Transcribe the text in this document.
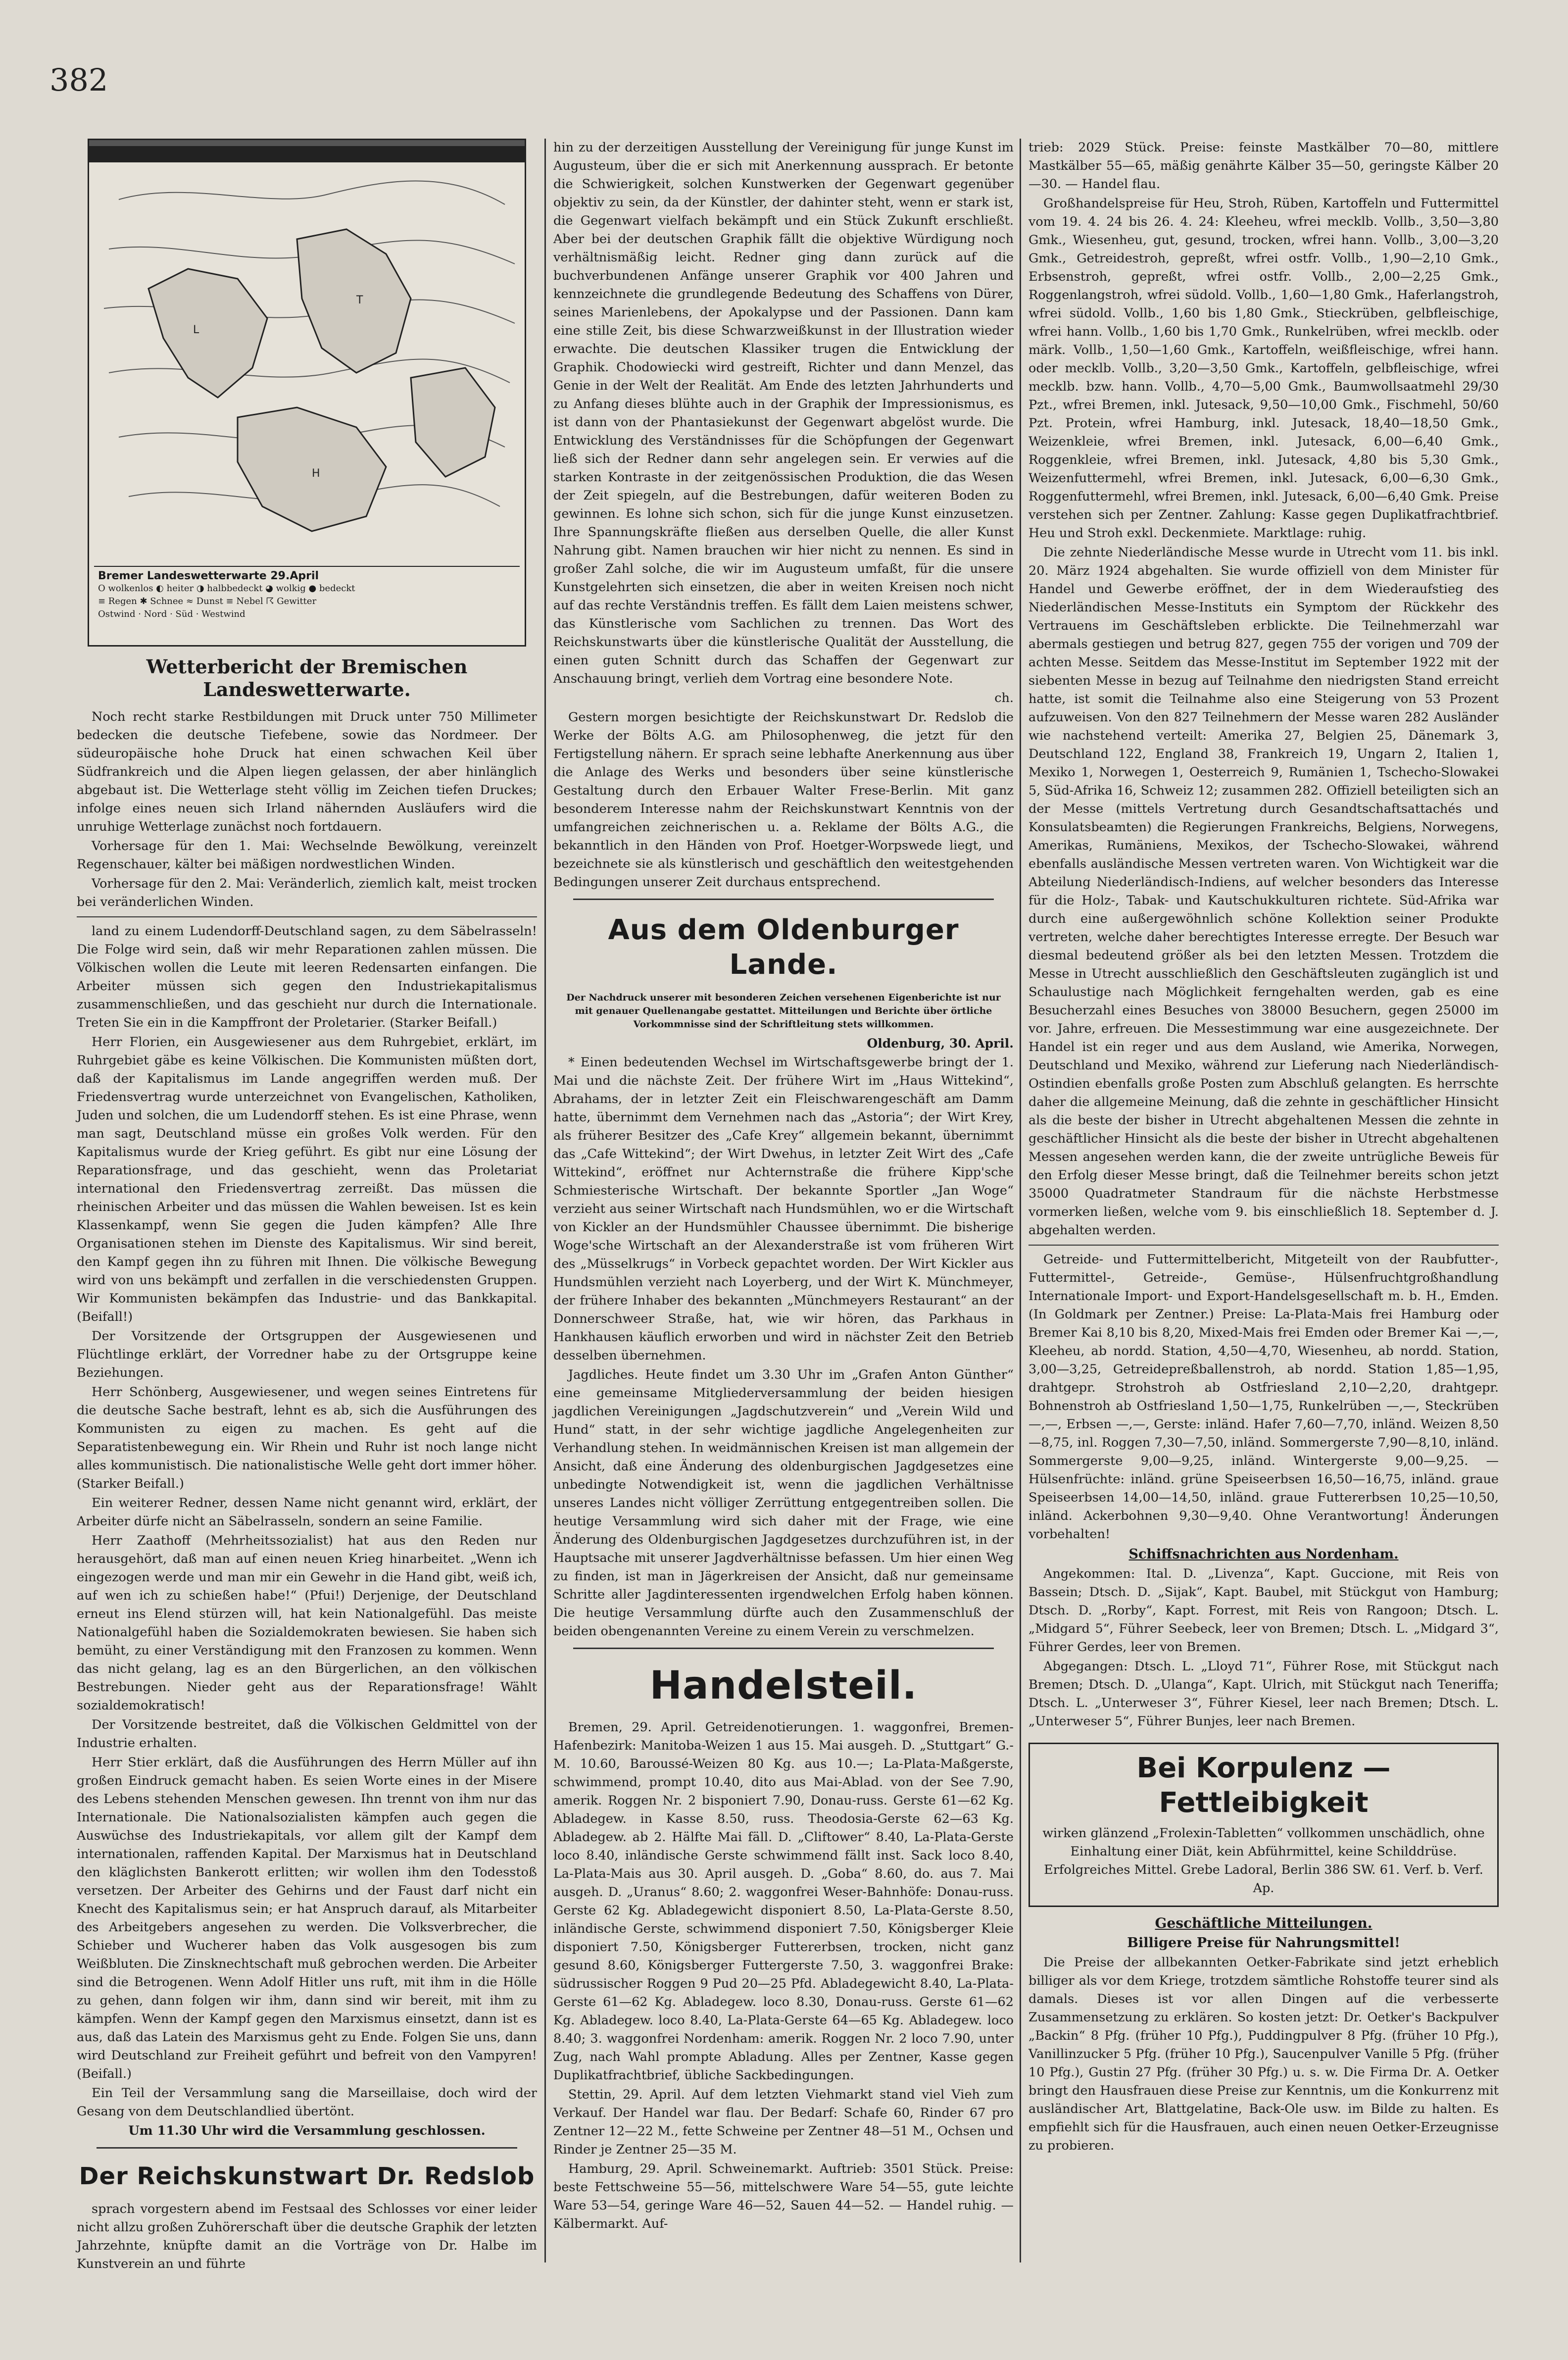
382
L
T
H
Bremer Landeswetterwarte 29.April
O wolkenlos ◐ heiter ◑ halbbedeckt ◕ wolkig ● bedeckt
≡ Regen ✱ Schnee ≈ Dunst ≡ Nebel ☈ Gewitter
Ostwind · Nord · Süd · Westwind
Wetterbericht der Bremischen Landeswetterwarte.

Noch recht starke Restbildungen mit Druck unter 750 Millimeter bedecken die deutsche Tiefebene, sowie das Nordmeer. Der südeuropäische hohe Druck hat einen schwachen Keil über Südfrankreich und die Alpen liegen gelassen, der aber hinlänglich abgebaut ist. Die Wetterlage steht völlig im Zeichen tiefen Druckes; infolge eines neuen sich Irland nähernden Ausläufers wird die unruhige Wetterlage zunächst noch fortdauern.

Vorhersage für den 1. Mai: Wechselnde Bewölkung, vereinzelt Regenschauer, kälter bei mäßigen nordwestlichen Winden.

Vorhersage für den 2. Mai: Veränderlich, ziemlich kalt, meist trocken bei veränderlichen Winden.

land zu einem Ludendorff-Deutschland sagen, zu dem Säbelrasseln! Die Folge wird sein, daß wir mehr Reparationen zahlen müssen. Die Völkischen wollen die Leute mit leeren Redensarten einfangen. Die Arbeiter müssen sich gegen den Industriekapitalismus zusammenschließen, und das geschieht nur durch die Internationale. Treten Sie ein in die Kampffront der Proletarier. (Starker Beifall.)

Herr Florien, ein Ausgewiesener aus dem Ruhrgebiet, erklärt, im Ruhrgebiet gäbe es keine Völkischen. Die Kommunisten müßten dort, daß der Kapitalismus im Lande angegriffen werden muß. Der Friedensvertrag wurde unterzeichnet von Evangelischen, Katholiken, Juden und solchen, die um Ludendorff stehen. Es ist eine Phrase, wenn man sagt, Deutschland müsse ein großes Volk werden. Für den Kapitalismus wurde der Krieg geführt. Es gibt nur eine Lösung der Reparationsfrage, und das geschieht, wenn das Proletariat international den Friedensvertrag zerreißt. Das müssen die rheinischen Arbeiter und das müssen die Wahlen beweisen. Ist es kein Klassenkampf, wenn Sie gegen die Juden kämpfen? Alle Ihre Organisationen stehen im Dienste des Kapitalismus. Wir sind bereit, den Kampf gegen ihn zu führen mit Ihnen. Die völkische Bewegung wird von uns bekämpft und zerfallen in die verschiedensten Gruppen. Wir Kommunisten bekämpfen das Industrie- und das Bankkapital. (Beifall!)

Der Vorsitzende der Ortsgruppen der Ausgewiesenen und Flüchtlinge erklärt, der Vorredner habe zu der Ortsgruppe keine Beziehungen.

Herr Schönberg, Ausgewiesener, und wegen seines Eintretens für die deutsche Sache bestraft, lehnt es ab, sich die Ausführungen des Kommunisten zu eigen zu machen. Es geht auf die Separatistenbewegung ein. Wir Rhein und Ruhr ist noch lange nicht alles kommunistisch. Die nationalistische Welle geht dort immer höher. (Starker Beifall.)

Ein weiterer Redner, dessen Name nicht genannt wird, erklärt, der Arbeiter dürfe nicht an Säbelrasseln, sondern an seine Familie.

Herr Zaathoff (Mehrheitssozialist) hat aus den Reden nur herausgehört, daß man auf einen neuen Krieg hinarbeitet. „Wenn ich eingezogen werde und man mir ein Gewehr in die Hand gibt, weiß ich, auf wen ich zu schießen habe!“ (Pfui!) Derjenige, der Deutschland erneut ins Elend stürzen will, hat kein Nationalgefühl. Das meiste Nationalgefühl haben die Sozialdemokraten bewiesen. Sie haben sich bemüht, zu einer Verständigung mit den Franzosen zu kommen. Wenn das nicht gelang, lag es an den Bürgerlichen, an den völkischen Bestrebungen. Nieder geht aus der Reparationsfrage! Wählt sozialdemokratisch!

Der Vorsitzende bestreitet, daß die Völkischen Geldmittel von der Industrie erhalten.

Herr Stier erklärt, daß die Ausführungen des Herrn Müller auf ihn großen Eindruck gemacht haben. Es seien Worte eines in der Misere des Lebens stehenden Menschen gewesen. Ihn trennt von ihm nur das Internationale. Die Nationalsozialisten kämpfen auch gegen die Auswüchse des Industriekapitals, vor allem gilt der Kampf dem internationalen, raffenden Kapital. Der Marxismus hat in Deutschland den kläglichsten Bankerott erlitten; wir wollen ihm den Todesstoß versetzen. Der Arbeiter des Gehirns und der Faust darf nicht ein Knecht des Kapitalismus sein; er hat Anspruch darauf, als Mitarbeiter des Arbeitgebers angesehen zu werden. Die Volksverbrecher, die Schieber und Wucherer haben das Volk ausgesogen bis zum Weißbluten. Die Zinsknechtschaft muß gebrochen werden. Die Arbeiter sind die Betrogenen. Wenn Adolf Hitler uns ruft, mit ihm in die Hölle zu gehen, dann folgen wir ihm, dann sind wir bereit, mit ihm zu kämpfen. Wenn der Kampf gegen den Marxismus einsetzt, dann ist es aus, daß das Latein des Marxismus geht zu Ende. Folgen Sie uns, dann wird Deutschland zur Freiheit geführt und befreit von den Vampyren! (Beifall.)

Ein Teil der Versammlung sang die Marseillaise, doch wird der Gesang von dem Deutschlandlied übertönt.

Um 11.30 Uhr wird die Versammlung geschlossen.

Der Reichskunstwart Dr. Redslob

sprach vorgestern abend im Festsaal des Schlosses vor einer leider nicht allzu großen Zuhörerschaft über die deutsche Graphik der letzten Jahrzehnte, knüpfte damit an die Vorträge von Dr. Halbe im Kunstverein an und führte

hin zu der derzeitigen Ausstellung der Vereinigung für junge Kunst im Augusteum, über die er sich mit Anerkennung aussprach. Er betonte die Schwierigkeit, solchen Kunstwerken der Gegenwart gegenüber objektiv zu sein, da der Künstler, der dahinter steht, wenn er stark ist, die Gegenwart vielfach bekämpft und ein Stück Zukunft erschließt. Aber bei der deutschen Graphik fällt die objektive Würdigung noch verhältnismäßig leicht. Redner ging dann zurück auf die buchverbundenen Anfänge unserer Graphik vor 400 Jahren und kennzeichnete die grundlegende Bedeutung des Schaffens von Dürer, seines Marienlebens, der Apokalypse und der Passionen. Dann kam eine stille Zeit, bis diese Schwarzweißkunst in der Illustration wieder erwachte. Die deutschen Klassiker trugen die Entwicklung der Graphik. Chodowiecki wird gestreift, Richter und dann Menzel, das Genie in der Welt der Realität. Am Ende des letzten Jahrhunderts und zu Anfang dieses blühte auch in der Graphik der Impressionismus, es ist dann von der Phantasiekunst der Gegenwart abgelöst wurde. Die Entwicklung des Verständnisses für die Schöpfungen der Gegenwart ließ sich der Redner dann sehr angelegen sein. Er verwies auf die starken Kontraste in der zeitgenössischen Produktion, die das Wesen der Zeit spiegeln, auf die Bestrebungen, dafür weiteren Boden zu gewinnen. Es lohne sich schon, sich für die junge Kunst einzusetzen. Ihre Spannungskräfte fließen aus derselben Quelle, die aller Kunst Nahrung gibt. Namen brauchen wir hier nicht zu nennen. Es sind in großer Zahl solche, die wir im Augusteum umfaßt, für die unsere Kunstgelehrten sich einsetzen, die aber in weiten Kreisen noch nicht auf das rechte Verständnis treffen. Es fällt dem Laien meistens schwer, das Künstlerische vom Sachlichen zu trennen. Das Wort des Reichskunstwarts über die künstlerische Qualität der Ausstellung, die einen guten Schnitt durch das Schaffen der Gegenwart zur Anschauung bringt, verlieh dem Vortrag eine besondere Note.

ch.

Gestern morgen besichtigte der Reichskunstwart Dr. Redslob die Werke der Bölts A.G. am Philosophenweg, die jetzt für den Fertigstellung nähern. Er sprach seine lebhafte Anerkennung aus über die Anlage des Werks und besonders über seine künstlerische Gestaltung durch den Erbauer Walter Frese-Berlin. Mit ganz besonderem Interesse nahm der Reichskunstwart Kenntnis von der umfangreichen zeichnerischen u. a. Reklame der Bölts A.G., die bekanntlich in den Händen von Prof. Hoetger-Worpswede liegt, und bezeichnete sie als künstlerisch und geschäftlich den weitestgehenden Bedingungen unserer Zeit durchaus entsprechend.

Aus dem Oldenburger Lande.
Der Nachdruck unserer mit besonderen Zeichen versehenen Eigenberichte ist nur mit genauer Quellenangabe gestattet. Mitteilungen und Berichte über örtliche Vorkommnisse sind der Schriftleitung stets willkommen.
Oldenburg, 30. April.

* Einen bedeutenden Wechsel im Wirtschaftsgewerbe bringt der 1. Mai und die nächste Zeit. Der frühere Wirt im „Haus Wittekind“, Abrahams, der in letzter Zeit ein Fleischwarengeschäft am Damm hatte, übernimmt dem Vernehmen nach das „Astoria“; der Wirt Krey, als früherer Besitzer des „Cafe Krey“ allgemein bekannt, übernimmt das „Cafe Wittekind“; der Wirt Dwehus, in letzter Zeit Wirt des „Cafe Wittekind“, eröffnet nur Achternstraße die frühere Kipp'sche Schmiesterische Wirtschaft. Der bekannte Sportler „Jan Woge“ verzieht aus seiner Wirtschaft nach Hundsmühlen, wo er die Wirtschaft von Kickler an der Hundsmühler Chaussee übernimmt. Die bisherige Woge'sche Wirtschaft an der Alexanderstraße ist vom früheren Wirt des „Müsselkrugs“ in Vorbeck gepachtet worden. Der Wirt Kickler aus Hundsmühlen verzieht nach Loyerberg, und der Wirt K. Münchmeyer, der frühere Inhaber des bekannten „Münchmeyers Restaurant“ an der Donnerschweer Straße, hat, wie wir hören, das Parkhaus in Hankhausen käuflich erworben und wird in nächster Zeit den Betrieb desselben übernehmen.

Jagdliches. Heute findet um 3.30 Uhr im „Grafen Anton Günther“ eine gemeinsame Mitgliederversammlung der beiden hiesigen jagdlichen Vereinigungen „Jagdschutzverein“ und „Verein Wild und Hund“ statt, in der sehr wichtige jagdliche Angelegenheiten zur Verhandlung stehen. In weidmännischen Kreisen ist man allgemein der Ansicht, daß eine Änderung des oldenburgischen Jagdgesetzes eine unbedingte Notwendigkeit ist, wenn die jagdlichen Verhältnisse unseres Landes nicht völliger Zerrüttung entgegentreiben sollen. Die heutige Versammlung wird sich daher mit der Frage, wie eine Änderung des Oldenburgischen Jagdgesetzes durchzuführen ist, in der Hauptsache mit unserer Jagdverhältnisse befassen. Um hier einen Weg zu finden, ist man in Jägerkreisen der Ansicht, daß nur gemeinsame Schritte aller Jagdinteressenten irgendwelchen Erfolg haben können. Die heutige Versammlung dürfte auch den Zusammenschluß der beiden obengenannten Vereine zu einem Verein zu verschmelzen.

Handelsteil.

Bremen, 29. April. Getreidenotierungen. 1. waggonfrei, Bremen-Hafenbezirk: Manitoba-Weizen 1 aus 15. Mai ausgeh. D. „Stuttgart“ G.-M. 10.60, Baroussé-Weizen 80 Kg. aus 10.—; La-Plata-Maßgerste, schwimmend, prompt 10.40, dito aus Mai-Ablad. von der See 7.90, amerik. Roggen Nr. 2 bisponiert 7.90, Donau-russ. Gerste 61—62 Kg. Abladegew. in Kasse 8.50, russ. Theodosia-Gerste 62—63 Kg. Abladegew. ab 2. Hälfte Mai fäll. D. „Cliftower“ 8.40, La-Plata-Gerste loco 8.40, inländische Gerste schwimmend fällt inst. Sack loco 8.40, La-Plata-Mais aus 30. April ausgeh. D. „Goba“ 8.60, do. aus 7. Mai ausgeh. D. „Uranus“ 8.60; 2. waggonfrei Weser-Bahnhöfe: Donau-russ. Gerste 62 Kg. Abladegewicht disponiert 8.50, La-Plata-Gerste 8.50, inländische Gerste, schwimmend disponiert 7.50, Königsberger Kleie disponiert 7.50, Königsberger Futtererbsen, trocken, nicht ganz gesund 8.60, Königsberger Futtergerste 7.50, 3. waggonfrei Brake: südrussischer Roggen 9 Pud 20—25 Pfd. Abladegewicht 8.40, La-Plata-Gerste 61—62 Kg. Abladegew. loco 8.30, Donau-russ. Gerste 61—62 Kg. Abladegew. loco 8.40, La-Plata-Gerste 64—65 Kg. Abladegew. loco 8.40; 3. waggonfrei Nordenham: amerik. Roggen Nr. 2 loco 7.90, unter Zug, nach Wahl prompte Abladung. Alles per Zentner, Kasse gegen Duplikatfrachtbrief, übliche Sackbedingungen.

Stettin, 29. April. Auf dem letzten Viehmarkt stand viel Vieh zum Verkauf. Der Handel war flau. Der Bedarf: Schafe 60, Rinder 67 pro Zentner 12—22 M., fette Schweine per Zentner 48—51 M., Ochsen und Rinder je Zentner 25—35 M.

Hamburg, 29. April. Schweinemarkt. Auftrieb: 3501 Stück. Preise: beste Fettschweine 55—56, mittelschwere Ware 54—55, gute leichte Ware 53—54, geringe Ware 46—52, Sauen 44—52. — Handel ruhig. — Kälbermarkt. Auf-

trieb: 2029 Stück. Preise: feinste Mastkälber 70—80, mittlere Mastkälber 55—65, mäßig genährte Kälber 35—50, geringste Kälber 20—30. — Handel flau.

Großhandelspreise für Heu, Stroh, Rüben, Kartoffeln und Futtermittel vom 19. 4. 24 bis 26. 4. 24: Kleeheu, wfrei mecklb. Vollb., 3,50—3,80 Gmk., Wiesenheu, gut, gesund, trocken, wfrei hann. Vollb., 3,00—3,20 Gmk., Getreidestroh, gepreßt, wfrei ostfr. Vollb., 1,90—2,10 Gmk., Erbsenstroh, gepreßt, wfrei ostfr. Vollb., 2,00—2,25 Gmk., Roggenlangstroh, wfrei südold. Vollb., 1,60—1,80 Gmk., Haferlangstroh, wfrei südold. Vollb., 1,60 bis 1,80 Gmk., Stieckrüben, gelbfleischige, wfrei hann. Vollb., 1,60 bis 1,70 Gmk., Runkelrüben, wfrei mecklb. oder märk. Vollb., 1,50—1,60 Gmk., Kartoffeln, weißfleischige, wfrei hann. oder mecklb. Vollb., 3,20—3,50 Gmk., Kartoffeln, gelbfleischige, wfrei mecklb. bzw. hann. Vollb., 4,70—5,00 Gmk., Baumwollsaatmehl 29/30 Pzt., wfrei Bremen, inkl. Jutesack, 9,50—10,00 Gmk., Fischmehl, 50/60 Pzt. Protein, wfrei Hamburg, inkl. Jutesack, 18,40—18,50 Gmk., Weizenkleie, wfrei Bremen, inkl. Jutesack, 6,00—6,40 Gmk., Roggenkleie, wfrei Bremen, inkl. Jutesack, 4,80 bis 5,30 Gmk., Weizenfuttermehl, wfrei Bremen, inkl. Jutesack, 6,00—6,30 Gmk., Roggenfuttermehl, wfrei Bremen, inkl. Jutesack, 6,00—6,40 Gmk. Preise verstehen sich per Zentner. Zahlung: Kasse gegen Duplikatfrachtbrief. Heu und Stroh exkl. Deckenmiete. Marktlage: ruhig.

Die zehnte Niederländische Messe wurde in Utrecht vom 11. bis inkl. 20. März 1924 abgehalten. Sie wurde offiziell von dem Minister für Handel und Gewerbe eröffnet, der in dem Wiederaufstieg des Niederländischen Messe-Instituts ein Symptom der Rückkehr des Vertrauens im Geschäftsleben erblickte. Die Teilnehmerzahl war abermals gestiegen und betrug 827, gegen 755 der vorigen und 709 der achten Messe. Seitdem das Messe-Institut im September 1922 mit der siebenten Messe in bezug auf Teilnahme den niedrigsten Stand erreicht hatte, ist somit die Teilnahme also eine Steigerung von 53 Prozent aufzuweisen. Von den 827 Teilnehmern der Messe waren 282 Ausländer wie nachstehend verteilt: Amerika 27, Belgien 25, Dänemark 3, Deutschland 122, England 38, Frankreich 19, Ungarn 2, Italien 1, Mexiko 1, Norwegen 1, Oesterreich 9, Rumänien 1, Tschecho-Slowakei 5, Süd-Afrika 16, Schweiz 12; zusammen 282. Offiziell beteiligten sich an der Messe (mittels Vertretung durch Gesandtschaftsattachés und Konsulatsbeamten) die Regierungen Frankreichs, Belgiens, Norwegens, Amerikas, Rumäniens, Mexikos, der Tschecho-Slowakei, während ebenfalls ausländische Messen vertreten waren. Von Wichtigkeit war die Abteilung Niederländisch-Indiens, auf welcher besonders das Interesse für die Holz-, Tabak- und Kautschukkulturen richtete. Süd-Afrika war durch eine außergewöhnlich schöne Kollektion seiner Produkte vertreten, welche daher berechtigtes Interesse erregte. Der Besuch war diesmal bedeutend größer als bei den letzten Messen. Trotzdem die Messe in Utrecht ausschließlich den Geschäftsleuten zugänglich ist und Schaulustige nach Möglichkeit ferngehalten werden, gab es eine Besucherzahl eines Besuches von 38000 Besuchern, gegen 25000 im vor. Jahre, erfreuen. Die Messestimmung war eine ausgezeichnete. Der Handel ist ein reger und aus dem Ausland, wie Amerika, Norwegen, Deutschland und Mexiko, während zur Lieferung nach Niederländisch-Ostindien ebenfalls große Posten zum Abschluß gelangten. Es herrschte daher die allgemeine Meinung, daß die zehnte in geschäftlicher Hinsicht als die beste der bisher in Utrecht abgehaltenen Messen die zehnte in geschäftlicher Hinsicht als die beste der bisher in Utrecht abgehaltenen Messen angesehen werden kann, die der zweite untrügliche Beweis für den Erfolg dieser Messe bringt, daß die Teilnehmer bereits schon jetzt 35000 Quadratmeter Standraum für die nächste Herbstmesse vormerken ließen, welche vom 9. bis einschließlich 18. September d. J. abgehalten werden.

Getreide- und Futtermittelbericht, Mitgeteilt von der Raubfutter-, Futtermittel-, Getreide-, Gemüse-, Hülsenfruchtgroßhandlung Internationale Import- und Export-Handelsgesellschaft m. b. H., Emden. (In Goldmark per Zentner.) Preise: La-Plata-Mais frei Hamburg oder Bremer Kai 8,10 bis 8,20, Mixed-Mais frei Emden oder Bremer Kai —,—, Kleeheu, ab nordd. Station, 4,50—4,70, Wiesenheu, ab nordd. Station, 3,00—3,25, Getreidepreßballenstroh, ab nordd. Station 1,85—1,95, drahtgepr. Strohstroh ab Ostfriesland 2,10—2,20, drahtgepr. Bohnenstroh ab Ostfriesland 1,50—1,75, Runkelrüben —,—, Steckrüben —,—, Erbsen —,—, Gerste: inländ. Hafer 7,60—7,70, inländ. Weizen 8,50—8,75, inl. Roggen 7,30—7,50, inländ. Sommergerste 7,90—8,10, inländ. Sommergerste 9,00—9,25, inländ. Wintergerste 9,00—9,25. — Hülsenfrüchte: inländ. grüne Speiseerbsen 16,50—16,75, inländ. graue Speiseerbsen 14,00—14,50, inländ. graue Futtererbsen 10,25—10,50, inländ. Ackerbohnen 9,30—9,40. Ohne Verantwortung! Änderungen vorbehalten!

Schiffsnachrichten aus Nordenham.

Angekommen: Ital. D. „Livenza“, Kapt. Guccione, mit Reis von Bassein; Dtsch. D. „Sijak“, Kapt. Baubel, mit Stückgut von Hamburg; Dtsch. D. „Rorby“, Kapt. Forrest, mit Reis von Rangoon; Dtsch. L. „Midgard 5“, Führer Seebeck, leer von Bremen; Dtsch. L. „Midgard 3“, Führer Gerdes, leer von Bremen.

Abgegangen: Dtsch. L. „Lloyd 71“, Führer Rose, mit Stückgut nach Bremen; Dtsch. D. „Ulanga“, Kapt. Ulrich, mit Stückgut nach Teneriffa; Dtsch. L. „Unterweser 3“, Führer Kiesel, leer nach Bremen; Dtsch. L. „Unterweser 5“, Führer Bunjes, leer nach Bremen.

Bei Korpulenz — Fettleibigkeit

wirken glänzend „Frolexin-Tabletten“ vollkommen unschädlich, ohne Einhaltung einer Diät, kein Abführmittel, keine Schilddrüse. Erfolgreiches Mittel. Grebe Ladoral, Berlin 386 SW. 61. Verf. b. Verf. Ap.

Geschäftliche Mitteilungen.
Billigere Preise für Nahrungsmittel!

Die Preise der allbekannten Oetker-Fabrikate sind jetzt erheblich billiger als vor dem Kriege, trotzdem sämtliche Rohstoffe teurer sind als damals. Dieses ist vor allen Dingen auf die verbesserte Zusammensetzung zu erklären. So kosten jetzt: Dr. Oetker's Backpulver „Backin“ 8 Pfg. (früher 10 Pfg.), Puddingpulver 8 Pfg. (früher 10 Pfg.), Vanillinzucker 5 Pfg. (früher 10 Pfg.), Saucenpulver Vanille 5 Pfg. (früher 10 Pfg.), Gustin 27 Pfg. (früher 30 Pfg.) u. s. w. Die Firma Dr. A. Oetker bringt den Hausfrauen diese Preise zur Kenntnis, um die Konkurrenz mit ausländischer Art, Blattgelatine, Back-Ole usw. im Bilde zu halten. Es empfiehlt sich für die Hausfrauen, auch einen neuen Oetker-Erzeugnisse zu probieren.
